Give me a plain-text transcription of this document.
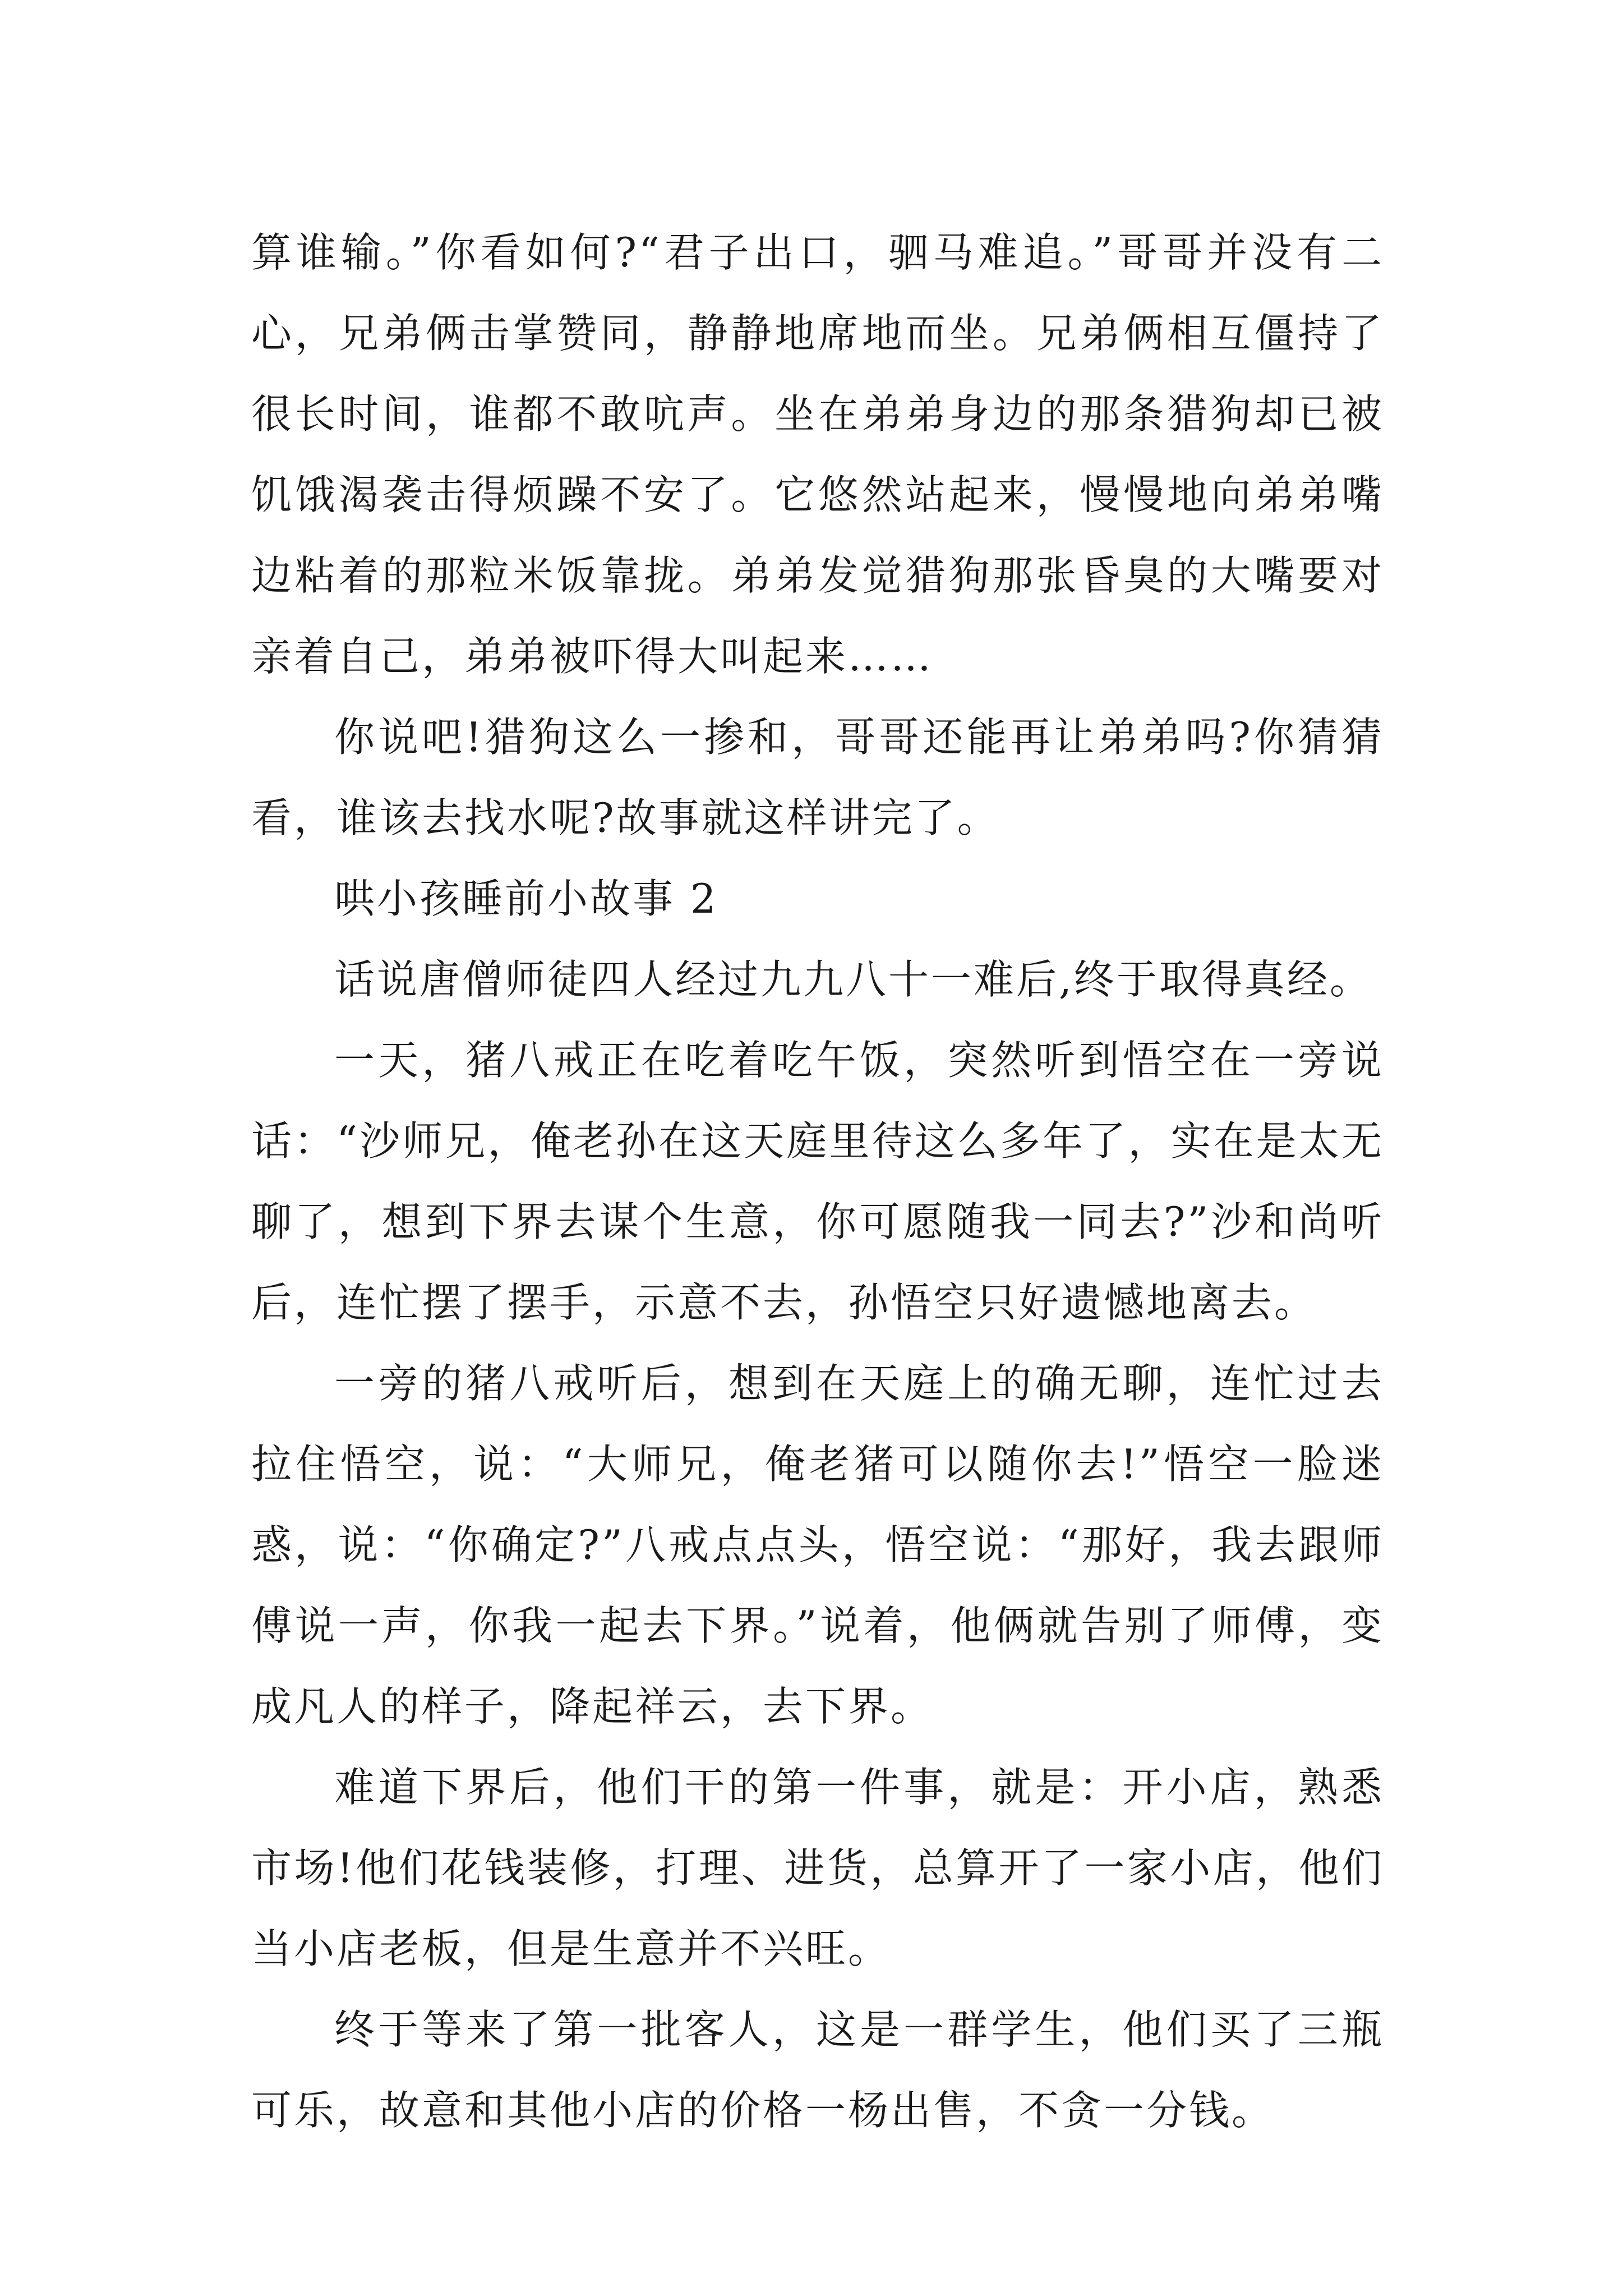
算谁输。”你看如何?“君子出口，驷马难追。”哥哥并没有二心，兄弟俩击掌赞同，静静地席地而坐。兄弟俩相互僵持了很长时间，谁都不敢吭声。坐在弟弟身边的那条猎狗却已被饥饿渴袭击得烦躁不安了。它悠然站起来，慢慢地向弟弟嘴边粘着的那粒米饭靠拢。弟弟发觉猎狗那张昏臭的大嘴要对亲着自己，弟弟被吓得大叫起来……

你说吧!猎狗这么一掺和，哥哥还能再让弟弟吗?你猜猜看，谁该去找水呢?故事就这样讲完了。

哄小孩睡前小故事 2

话说唐僧师徒四人经过九九八十一难后,终于取得真经。

一天，猪八戒正在吃着吃午饭，突然听到悟空在一旁说话：“沙师兄，俺老孙在这天庭里待这么多年了，实在是太无聊了，想到下界去谋个生意，你可愿随我一同去?”沙和尚听后，连忙摆了摆手，示意不去，孙悟空只好遗憾地离去。

一旁的猪八戒听后，想到在天庭上的确无聊，连忙过去拉住悟空，说：“大师兄，俺老猪可以随你去!”悟空一脸迷惑，说：“你确定?”八戒点点头，悟空说：“那好，我去跟师傅说一声，你我一起去下界。”说着，他俩就告别了师傅，变成凡人的样子，降起祥云，去下界。

难道下界后，他们干的第一件事，就是：开小店，熟悉市场!他们花钱装修，打理、进货，总算开了一家小店，他们当小店老板，但是生意并不兴旺。

终于等来了第一批客人，这是一群学生，他们买了三瓶可乐，故意和其他小店的价格一杨出售，不贪一分钱。
